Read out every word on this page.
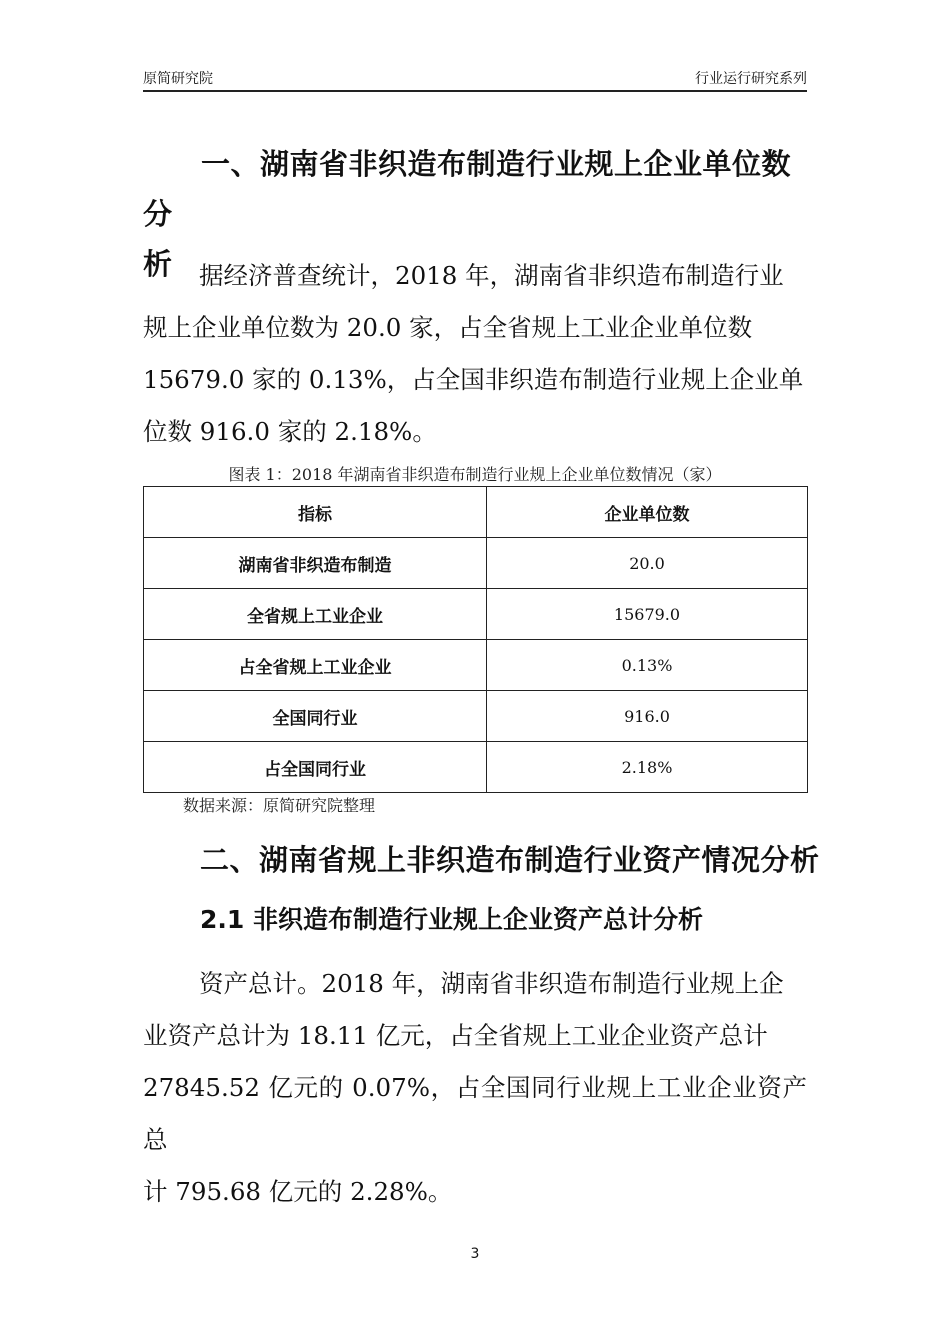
原简研究院	行业运行研究系列
一、湖南省非织造布制造行业规上企业单位数分
析	据经济普查统计，2018 年，湖南省非织造布制造行业
规上企业单位数为 20.0 家，占全省规上工业企业单位数
15679.0 家的 0.13%，占全国非织造布制造行业规上企业单
位数 916.0 家的 2.18%。
图表 1：2018 年湖南省非织造布制造行业规上企业单位数情况（家）
指标	企业单位数
湖南省非织造布制造	20.0
全省规上工业企业	15679.0
占全省规上工业企业	0.13%
全国同行业	916.0
占全国同行业	2.18%
数据来源：原简研究院整理
二、湖南省规上非织造布制造行业资产情况分析
2.1 非织造布制造行业规上企业资产总计分析
资产总计。2018 年，湖南省非织造布制造行业规上企
业资产总计为 18.11 亿元，占全省规上工业企业资产总计
27845.52 亿元的 0.07%，占全国同行业规上工业企业资产总
计 795.68 亿元的 2.28%。
3
